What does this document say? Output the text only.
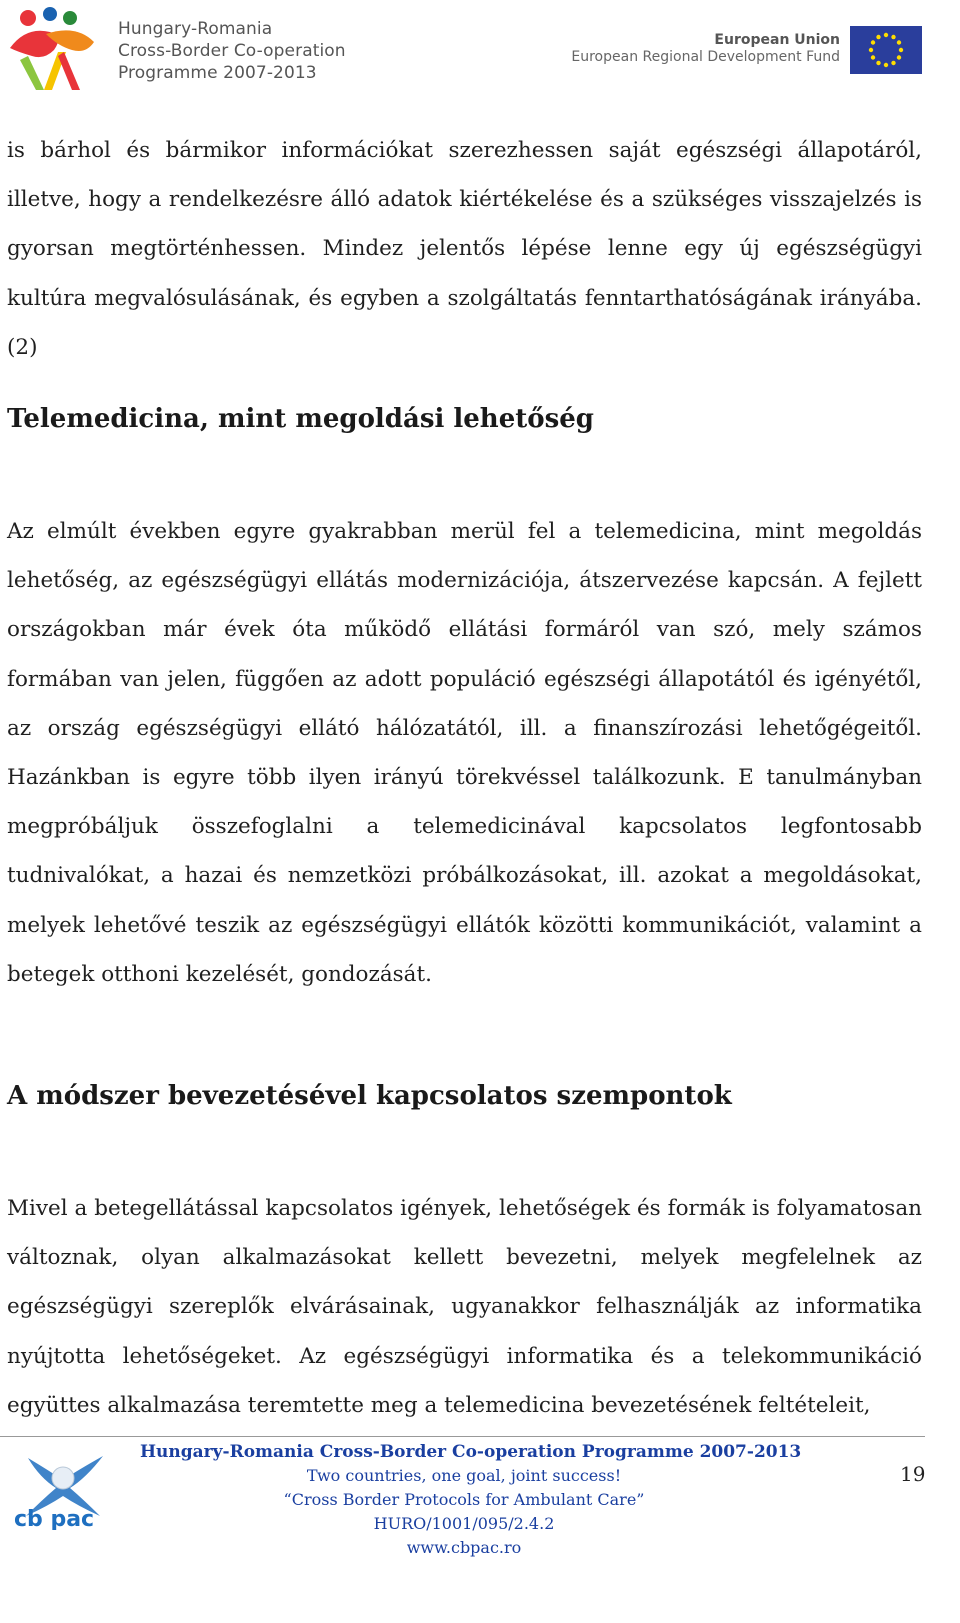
Hungary-Romania
Cross-Border Co-operation
Programme 2007-2013
European Union
European Regional Development Fund

is bárhol és bármikor információkat szerezhessen saját egészségi állapotáról, illetve, hogy a rendelkezésre álló adatok kiértékelése és a szükséges visszajelzés is gyorsan megtörténhessen. Mindez jelentős lépése lenne egy új egészségügyi kultúra megvalósulásának, és egyben a szolgáltatás fenntarthatóságának irányába. (2)

Telemedicina, mint megoldási lehetőség

Az elmúlt években egyre gyakrabban merül fel a telemedicina, mint megoldás lehetőség, az egészségügyi ellátás modernizációja, átszervezése kapcsán. A fejlett országokban már évek óta működő ellátási formáról van szó, mely számos formában van jelen, függően az adott populáció egészségi állapotától és igényétől, az ország egészségügyi ellátó hálózatától, ill. a finanszírozási lehetőgégeitől. Hazánkban is egyre több ilyen irányú törekvéssel találkozunk. E tanulmányban megpróbáljuk összefoglalni a telemedicinával kapcsolatos legfontosabb tudnivalókat, a hazai és nemzetközi próbálkozásokat, ill. azokat a megoldásokat, melyek lehetővé teszik az egészségügyi ellátók közötti kommunikációt, valamint a betegek otthoni kezelését, gondozását.

A módszer bevezetésével kapcsolatos szempontok

Mivel a betegellátással kapcsolatos igények, lehetőségek és formák is folyamatosan változnak, olyan alkalmazásokat kellett bevezetni, melyek megfelelnek az egészségügyi szereplők elvárásainak, ugyanakkor felhasználják az informatika nyújtotta lehetőségeket. Az egészségügyi informatika és a telekommunikáció együttes alkalmazása teremtette meg a telemedicina bevezetésének feltételeit,

cb pac
Hungary-Romania Cross-Border Co-operation Programme 2007-2013
Two countries, one goal, joint success!
“Cross Border Protocols for Ambulant Care”
HURO/1001/095/2.4.2
www.cbpac.ro
19
